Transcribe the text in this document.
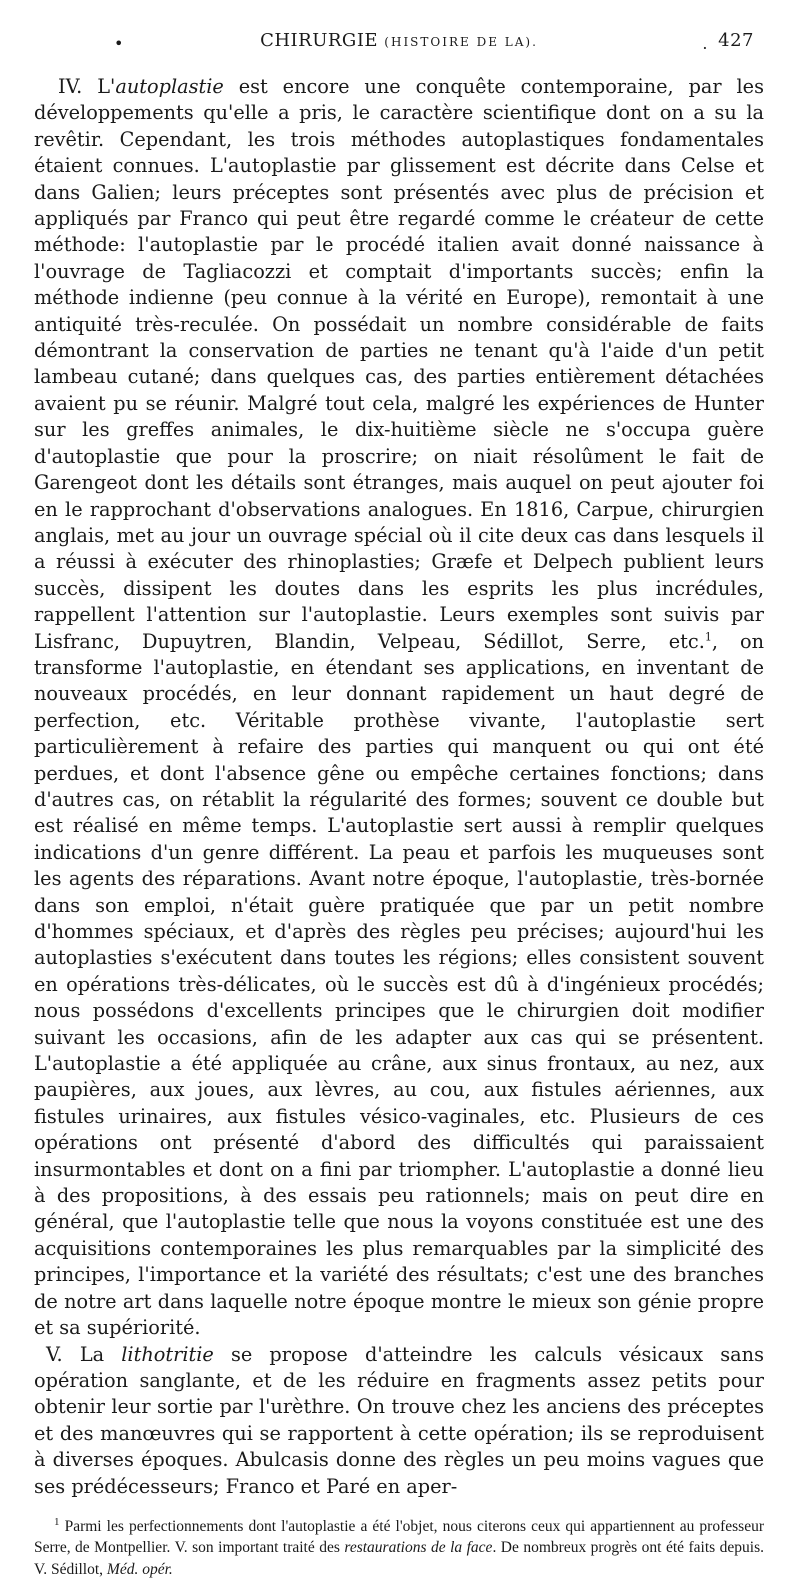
•	CHIRURGIE (HISTOIRE DE LA).	. 427

IV. L'autoplastie est encore une conquête contemporaine, par les développements qu'elle a pris, le caractère scientifique dont on a su la revêtir. Cependant, les trois méthodes autoplastiques fondamentales étaient connues. L'autoplastie par glissement est décrite dans Celse et dans Galien; leurs préceptes sont présentés avec plus de précision et appliqués par Franco qui peut être regardé comme le créateur de cette méthode: l'autoplastie par le procédé italien avait donné naissance à l'ouvrage de Tagliacozzi et comptait d'importants succès; enfin la méthode indienne (peu connue à la vérité en Europe), remontait à une antiquité très-reculée. On possédait un nombre considérable de faits démontrant la conservation de parties ne tenant qu'à l'aide d'un petit lambeau cutané; dans quelques cas, des parties entièrement détachées avaient pu se réunir. Malgré tout cela, malgré les expériences de Hunter sur les greffes animales, le dix-huitième siècle ne s'occupa guère d'autoplastie que pour la proscrire; on niait résolûment le fait de Garengeot dont les détails sont étranges, mais auquel on peut ajouter foi en le rapprochant d'observations analogues. En 1816, Carpue, chirurgien anglais, met au jour un ouvrage spécial où il cite deux cas dans lesquels il a réussi à exécuter des rhinoplasties; Græfe et Delpech publient leurs succès, dissipent les doutes dans les esprits les plus incrédules, rappellent l'attention sur l'autoplastie. Leurs exemples sont suivis par Lisfranc, Dupuytren, Blandin, Velpeau, Sédillot, Serre, etc.$^1$, on transforme l'autoplastie, en étendant ses applications, en inventant de nouveaux procédés, en leur donnant rapidement un haut degré de perfection, etc. Véritable prothèse vivante, l'autoplastie sert particulièrement à refaire des parties qui manquent ou qui ont été perdues, et dont l'absence gêne ou empêche certaines fonctions; dans d'autres cas, on rétablit la régularité des formes; souvent ce double but est réalisé en même temps. L'autoplastie sert aussi à remplir quelques indications d'un genre différent. La peau et parfois les muqueuses sont les agents des réparations. Avant notre époque, l'autoplastie, très-bornée dans son emploi, n'était guère pratiquée que par un petit nombre d'hommes spéciaux, et d'après des règles peu précises; aujourd'hui les autoplasties s'exécutent dans toutes les régions; elles consistent souvent en opérations très-délicates, où le succès est dû à d'ingénieux procédés; nous possédons d'excellents principes que le chirurgien doit modifier suivant les occasions, afin de les adapter aux cas qui se présentent. L'autoplastie a été appliquée au crâne, aux sinus frontaux, au nez, aux paupières, aux joues, aux lèvres, au cou, aux fistules aériennes, aux fistules urinaires, aux fistules vésico-vaginales, etc. Plusieurs de ces opérations ont présenté d'abord des difficultés qui paraissaient insurmontables et dont on a fini par triompher. L'autoplastie a donné lieu à des propositions, à des essais peu rationnels; mais on peut dire en général, que l'autoplastie telle que nous la voyons constituée est une des acquisitions contemporaines les plus remarquables par la simplicité des principes, l'importance et la variété des résultats; c'est une des branches de notre art dans laquelle notre époque montre le mieux son génie propre et sa supériorité.

V. La lithotritie se propose d'atteindre les calculs vésicaux sans opération sanglante, et de les réduire en fragments assez petits pour obtenir leur sortie par l'urèthre. On trouve chez les anciens des préceptes et des manœuvres qui se rapportent à cette opération; ils se reproduisent à diverses époques. Abulcasis donne des règles un peu moins vagues que ses prédécesseurs; Franco et Paré en aper-

$^1$ Parmi les perfectionnements dont l'autoplastie a été l'objet, nous citerons ceux qui appartiennent au professeur Serre, de Montpellier. V. son important traité des restaurations de la face. De nombreux progrès ont été faits depuis. V. Sédillot, Méd. opér.
